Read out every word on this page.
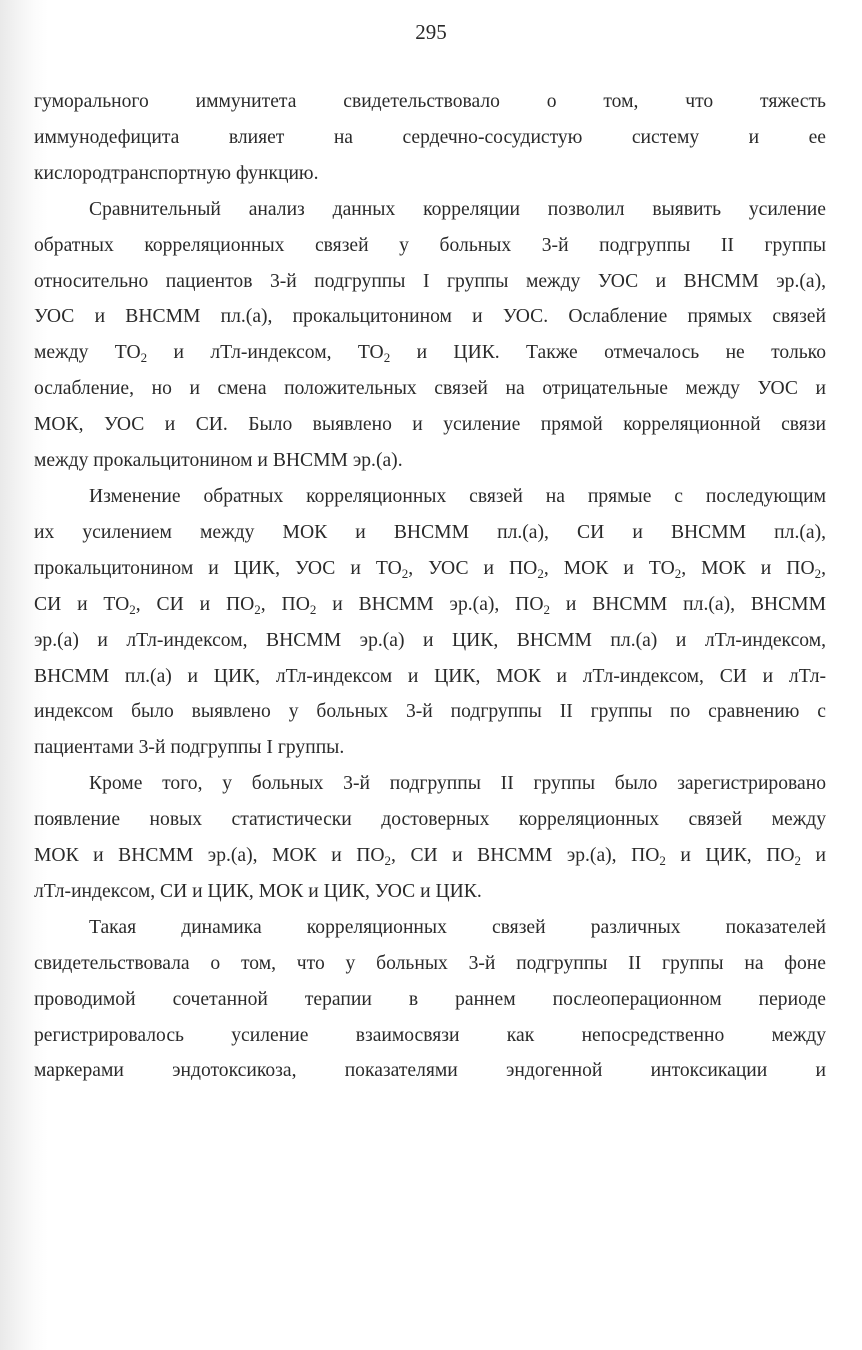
295
гуморального иммунитета свидетельствовало о том, что тяжесть
иммунодефицита влияет на сердечно-сосудистую систему и ее
кислородтранспортную функцию.
Сравнительный анализ данных корреляции позволил выявить усиление
обратных корреляционных связей у больных 3-й подгруппы II группы
относительно пациентов 3-й подгруппы I группы между УОС и ВНСММ эр.(а),
УОС и ВНСММ пл.(а), прокальцитонином и УОС. Ослабление прямых связей
между $ТО_2$ и лТл-индексом, $ТО_2$ и ЦИК. Также отмечалось не только
ослабление, но и смена положительных связей на отрицательные между УОС и
МОК, УОС и СИ. Было выявлено и усиление прямой корреляционной связи
между прокальцитонином и ВНСММ эр.(а).
Изменение обратных корреляционных связей на прямые с последующим
их усилением между МОК и ВНСММ пл.(а), СИ и ВНСММ пл.(а),
прокальцитонином и ЦИК, УОС и $ТО_2$, УОС и $ПО_2$, МОК и $ТО_2$, МОК и $ПО_2$,
СИ и $ТО_2$, СИ и $ПО_2$, $ПО_2$ и ВНСММ эр.(а), $ПО_2$ и ВНСММ пл.(а), ВНСММ
эр.(а) и лТл-индексом, ВНСММ эр.(а) и ЦИК, ВНСММ пл.(а) и лТл-индексом,
ВНСММ пл.(а) и ЦИК, лТл-индексом и ЦИК, МОК и лТл-индексом, СИ и лТл-
индексом было выявлено у больных 3-й подгруппы II группы по сравнению с
пациентами 3-й подгруппы I группы.
Кроме того, у больных 3-й подгруппы II группы было зарегистрировано
появление новых статистически достоверных корреляционных связей между
МОК и ВНСММ эр.(а), МОК и $ПО_2$, СИ и ВНСММ эр.(а), $ПО_2$ и ЦИК, $ПО_2$ и
лТл-индексом, СИ и ЦИК, МОК и ЦИК, УОС и ЦИК.
Такая динамика корреляционных связей различных показателей
свидетельствовала о том, что у больных 3-й подгруппы II группы на фоне
проводимой сочетанной терапии в раннем послеоперационном периоде
регистрировалось усиление взаимосвязи как непосредственно между
маркерами эндотоксикоза, показателями эндогенной интоксикации и
